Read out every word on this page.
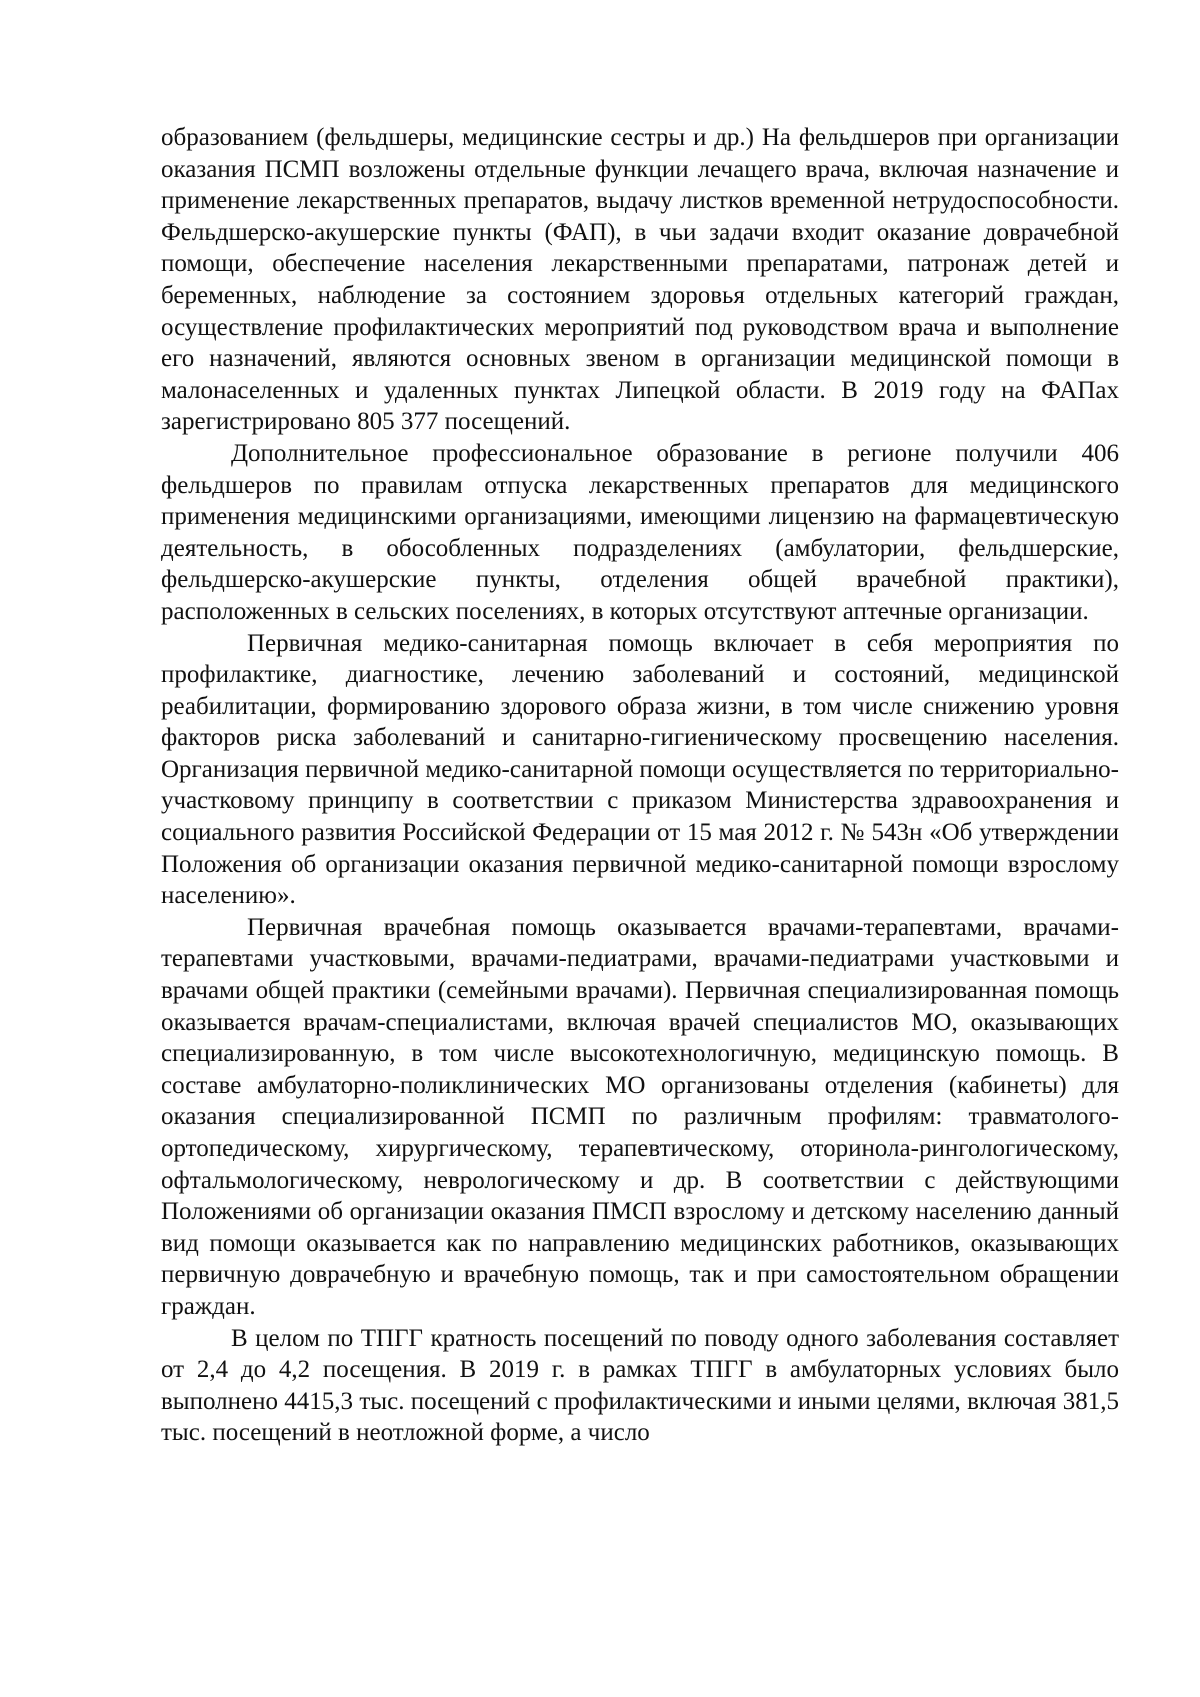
образованием (фельдшеры, медицинские сестры и др.) На фельдшеров при организации оказания ПСМП возложены отдельные функции лечащего врача, включая назначение и применение лекарственных препаратов, выдачу листков временной нетрудоспособности. Фельдшерско-акушерские пункты (ФАП), в чьи задачи входит оказание доврачебной помощи, обеспечение населения лекарственными препаратами, патронаж детей и беременных, наблюдение за состоянием здоровья отдельных категорий граждан, осуществление профилактических мероприятий под руководством врача и выполнение его назначений, являются основных звеном в организации медицинской помощи в малонаселенных и удаленных пунктах Липецкой области. В 2019 году на ФАПах зарегистрировано 805 377 посещений.

Дополнительное профессиональное образование в регионе получили 406 фельдшеров по правилам отпуска лекарственных препаратов для медицинского применения медицинскими организациями, имеющими лицензию на фармацевтическую деятельность, в обособленных подразделениях (амбулатории, фельдшерские, фельдшерско-акушерские пункты, отделения общей врачебной практики), расположенных в сельских поселениях, в которых отсутствуют аптечные организации.

Первичная медико-санитарная помощь включает в себя мероприятия по профилактике, диагностике, лечению заболеваний и состояний, медицинской реабилитации, формированию здорового образа жизни, в том числе снижению уровня факторов риска заболеваний и санитарно-гигиеническому просвещению населения. Организация первичной медико-санитарной помощи осуществляется по территориально-участковому принципу в соответствии с приказом Министерства здравоохранения и социального развития Российской Федерации от 15 мая 2012 г. № 543н «Об утверждении Положения об организации оказания первичной медико-санитарной помощи взрослому населению».

Первичная врачебная помощь оказывается врачами-терапевтами, врачами-терапевтами участковыми, врачами-педиатрами, врачами-педиатрами участковыми и врачами общей практики (семейными врачами). Первичная специализированная помощь оказывается врачам-специалистами, включая врачей специалистов МО, оказывающих специализированную, в том числе высокотехнологичную, медицинскую помощь. В составе амбулаторно-поликлинических МО организованы отделения (кабинеты) для оказания специализированной ПСМП по различным профилям: травматолого-ортопедическому, хирургическому, терапевтическому, оторинола-рингологическому, офтальмологическому, неврологическому и др. В соответствии с действующими Положениями об организации оказания ПМСП взрослому и детскому населению данный вид помощи оказывается как по направлению медицинских работников, оказывающих первичную доврачебную и врачебную помощь, так и при самостоятельном обращении граждан.

В целом по ТПГГ кратность посещений по поводу одного заболевания составляет от 2,4 до 4,2 посещения. В 2019 г. в рамках ТПГГ в амбулаторных условиях было выполнено 4415,3 тыс. посещений с профилактическими и иными целями, включая 381,5 тыс. посещений в неотложной форме, а число
